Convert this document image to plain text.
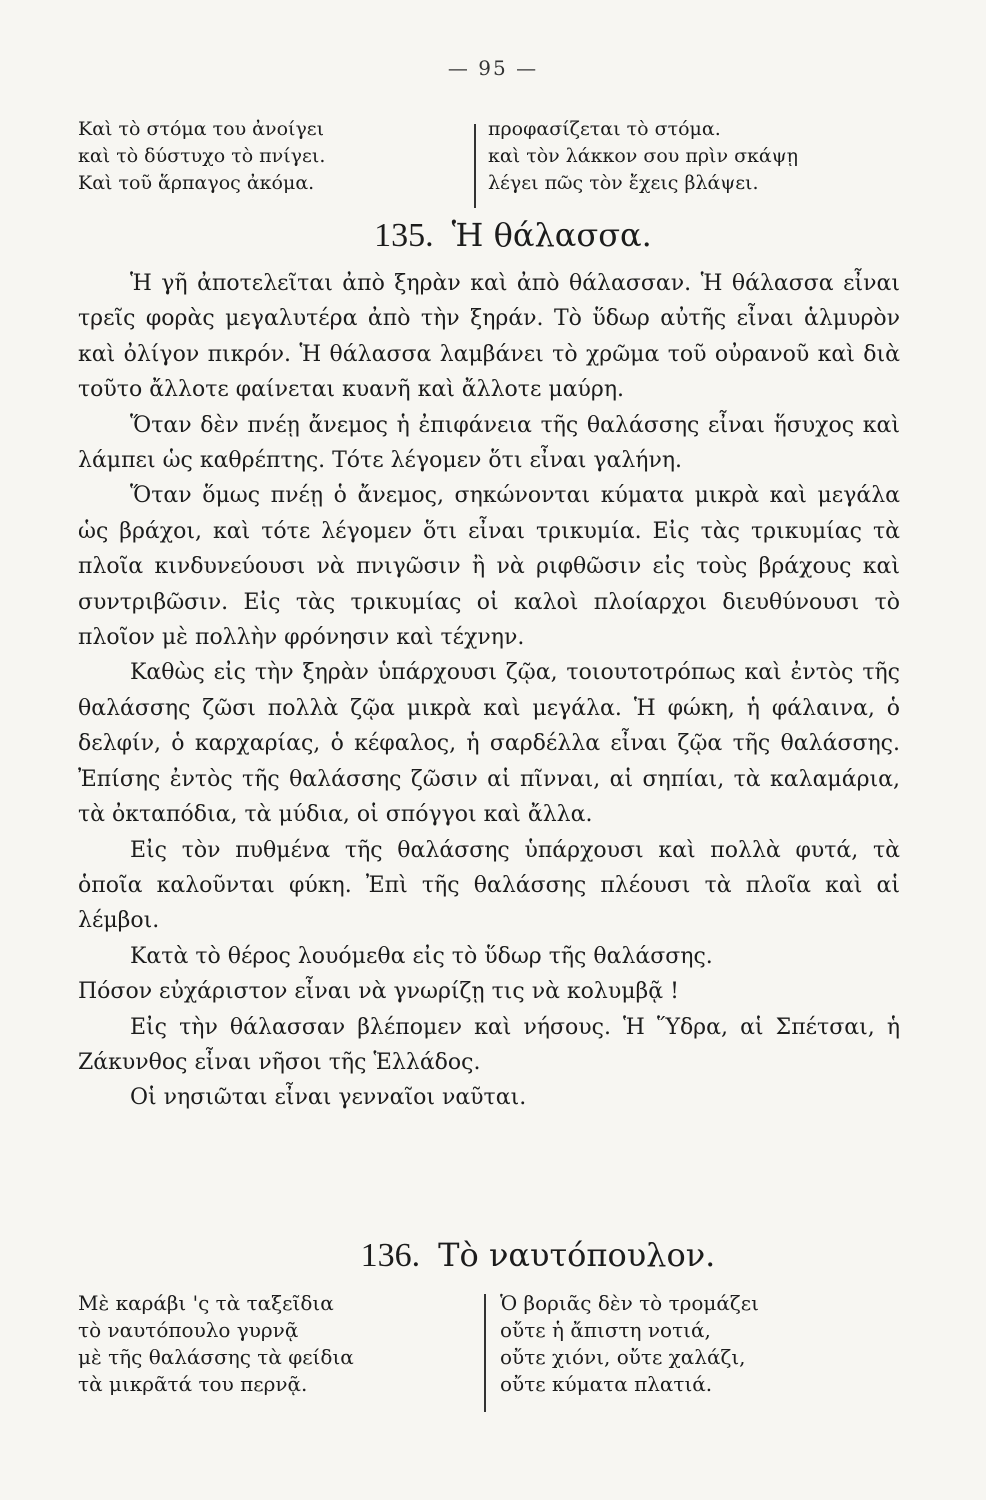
— 95 —
Καὶ τὸ στόμα του ἀνοίγει
καὶ τὸ δύστυχο τὸ πνίγει.
Καὶ τοῦ ἅρπαγος ἀκόμα.
προφασίζεται τὸ στόμα.
καὶ τὸν λάκκον σου πρὶν σκάψῃ
λέγει πῶς τὸν ἔχεις βλάψει.
135. Ἡ θάλασσα.

Ἡ γῆ ἀποτελεῖται ἀπὸ ξηρὰν καὶ ἀπὸ θάλασσαν. Ἡ θάλασσα εἶναι τρεῖς φορὰς μεγαλυτέρα ἀπὸ τὴν ξηράν. Τὸ ὕδωρ αὐτῆς εἶναι ἁλμυρὸν καὶ ὀλίγον πικρόν. Ἡ θάλασσα λαμβάνει τὸ χρῶμα τοῦ οὐρανοῦ καὶ διὰ τοῦτο ἄλλοτε φαίνεται κυανῆ καὶ ἄλλοτε μαύρη.

Ὅταν δὲν πνέῃ ἄνεμος ἡ ἐπιφάνεια τῆς θαλάσσης εἶναι ἥσυχος καὶ λάμπει ὡς καθρέπτης. Τότε λέγομεν ὅτι εἶναι γαλήνη.

Ὅταν ὅμως πνέῃ ὁ ἄνεμος, σηκώνονται κύματα μικρὰ καὶ μεγάλα ὡς βράχοι, καὶ τότε λέγομεν ὅτι εἶναι τρικυμία. Εἰς τὰς τρικυμίας τὰ πλοῖα κινδυνεύουσι νὰ πνιγῶσιν ἢ νὰ ριφθῶσιν εἰς τοὺς βράχους καὶ συντριβῶσιν. Εἰς τὰς τρικυμίας οἱ καλοὶ πλοίαρχοι διευθύνουσι τὸ πλοῖον μὲ πολλὴν φρόνησιν καὶ τέχνην.

Καθὼς εἰς τὴν ξηρὰν ὑπάρχουσι ζῷα, τοιουτοτρόπως καὶ ἐντὸς τῆς θαλάσσης ζῶσι πολλὰ ζῷα μικρὰ καὶ μεγάλα. Ἡ φώκη, ἡ φάλαινα, ὁ δελφίν, ὁ καρχαρίας, ὁ κέφαλος, ἡ σαρδέλλα εἶναι ζῷα τῆς θαλάσσης. Ἐπίσης ἐντὸς τῆς θαλάσσης ζῶσιν αἱ πῖνναι, αἱ σηπίαι, τὰ καλαμάρια, τὰ ὀκταπόδια, τὰ μύδια, οἱ σπόγγοι καὶ ἄλλα.

Εἰς τὸν πυθμένα τῆς θαλάσσης ὑπάρχουσι καὶ πολλὰ φυτά, τὰ ὁποῖα καλοῦνται φύκη. Ἐπὶ τῆς θαλάσσης πλέουσι τὰ πλοῖα καὶ αἱ λέμβοι.

Κατὰ τὸ θέρος λουόμεθα εἰς τὸ ὕδωρ τῆς θαλάσσης.

Πόσον εὐχάριστον εἶναι νὰ γνωρίζῃ τις νὰ κολυμβᾷ !

Εἰς τὴν θάλασσαν βλέπομεν καὶ νήσους. Ἡ Ὕδρα, αἱ Σπέτσαι, ἡ Ζάκυνθος εἶναι νῆσοι τῆς Ἑλλάδος.

Οἱ νησιῶται εἶναι γενναῖοι ναῦται.

136. Τὸ ναυτόπουλον.
Μὲ καράβι 'ς τὰ ταξεῖδια
τὸ ναυτόπουλο γυρνᾷ
μὲ τῆς θαλάσσης τὰ φείδια
τὰ μικρᾶτά του περνᾷ.
Ὁ βοριᾶς δὲν τὸ τρομάζει
οὔτε ἡ ἄπιστη νοτιά,
οὔτε χιόνι, οὔτε χαλάζι,
οὔτε κύματα πλατιά.
